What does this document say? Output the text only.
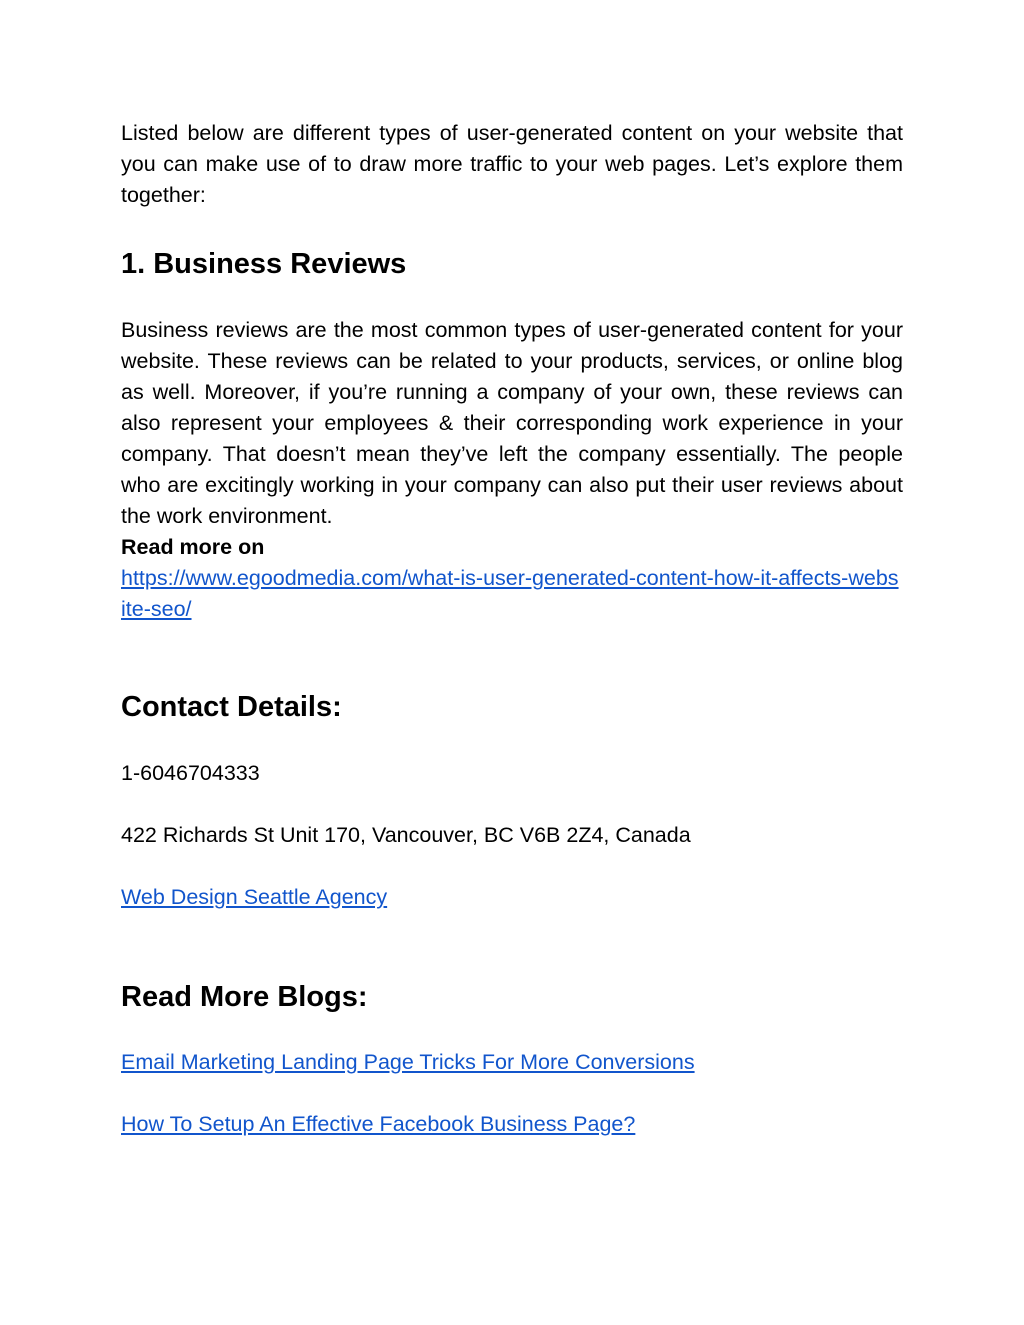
Listed below are different types of user-generated content on your website that you can make use of to draw more traffic to your web pages. Let’s explore them together:

1. Business Reviews

Business reviews are the most common types of user-generated content for your website. These reviews can be related to your products, services, or online blog as well. Moreover, if you’re running a company of your own, these reviews can also represent your employees & their corresponding work experience in your company. That doesn’t mean they’ve left the company essentially. The people who are excitingly working in your company can also put their user reviews about the work environment.
Read more on
https://www.egoodmedia.com/what-is-user-generated-content-how-it-affects-website-seo/

Contact Details:

1-6046704333

422 Richards St Unit 170, Vancouver, BC V6B 2Z4, Canada

Web Design Seattle Agency

Read More Blogs:

Email Marketing Landing Page Tricks For More Conversions

How To Setup An Effective Facebook Business Page?
